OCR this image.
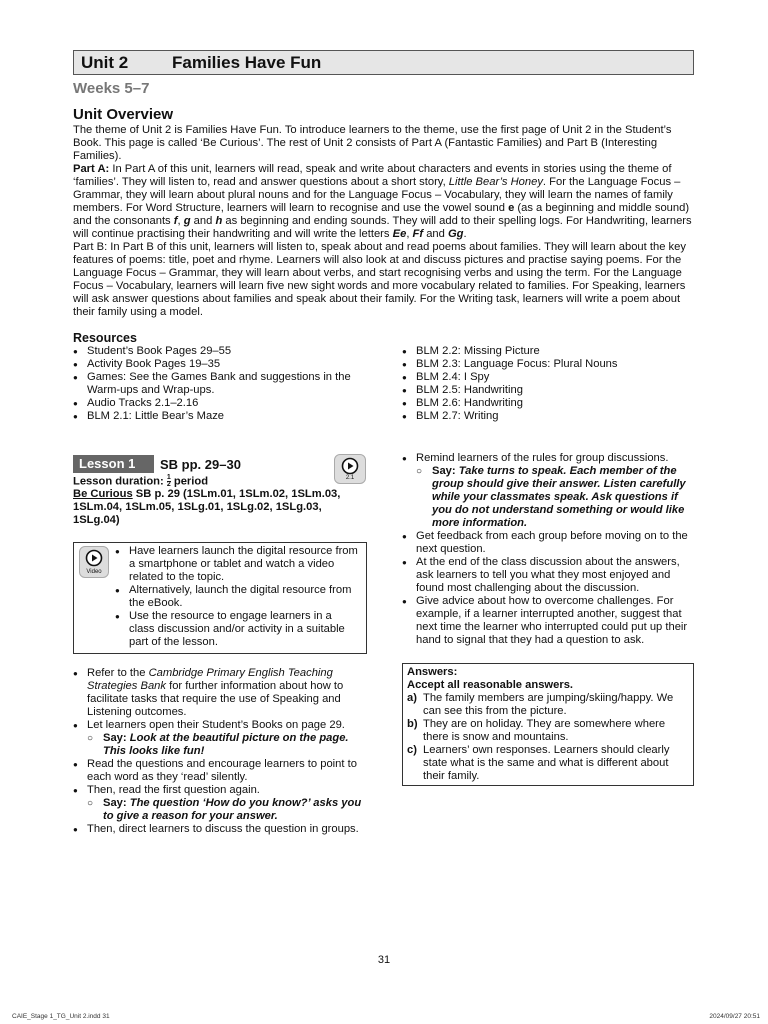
Unit 2	Families Have Fun
Weeks 5–7
Unit Overview

The theme of Unit 2 is Families Have Fun. To introduce learners to the theme, use the first page of Unit 2 in the Student’s Book. This page is called ‘Be Curious’. The rest of Unit 2 consists of Part A (Fantastic Families) and Part B (Interesting Families).

Part A: In Part A of this unit, learners will read, speak and write about characters and events in stories using the theme of ‘families’. They will listen to, read and answer questions about a short story, Little Bear’s Honey. For the Language Focus – Grammar, they will learn about plural nouns and for the Language Focus – Vocabulary, they will learn the names of family members. For Word Structure, learners will learn to recognise and use the vowel sound e (as a beginning and middle sound) and the consonants f, g and h as beginning and ending sounds. They will add to their spelling logs. For Handwriting, learners will continue practising their handwriting and will write the letters Ee, Ff and Gg.

Part B: In Part B of this unit, learners will listen to, speak about and read poems about families. They will learn about the key features of poems: title, poet and rhyme. Learners will also look at and discuss pictures and practise saying poems. For the Language Focus – Grammar, they will learn about verbs, and start recognising verbs and using the term. For the Language Focus – Vocabulary, learners will learn five new sight words and more vocabulary related to families. For Speaking, learners will ask answer questions about families and speak about their family. For the Writing task, learners will write a poem about their family using a model.

Resources
● Student’s Book Pages 29–55
● Activity Book Pages 19–35
● Games: See the Games Bank and suggestions in the Warm-ups and Wrap-ups.
● Audio Tracks 2.1–2.16
● BLM 2.1: Little Bear’s Maze
● BLM 2.2: Missing Picture
● BLM 2.3: Language Focus: Plural Nouns
● BLM 2.4: I Spy
● BLM 2.5: Handwriting
● BLM 2.6: Handwriting
● BLM 2.7: Writing
Lesson 1	SB pp. 29–30
2.1
Lesson duration: $\frac{1}{2}$ period
Be Curious SB p. 29 (1SLm.01, 1SLm.02, 1SLm.03, 1SLm.04, 1SLm.05, 1SLg.01, 1SLg.02, 1SLg.03, 1SLg.04)
Video
● Have learners launch the digital resource from a smartphone or tablet and watch a video related to the topic.
● Alternatively, launch the digital resource from the eBook.
● Use the resource to engage learners in a class discussion and/or activity in a suitable part of the lesson.
● Refer to the Cambridge Primary English Teaching Strategies Bank for further information about how to facilitate tasks that require the use of Speaking and Listening outcomes.
● Let learners open their Student’s Books on page 29.
○ Say: Look at the beautiful picture on the page. This looks like fun!
● Read the questions and encourage learners to point to each word as they ‘read’ silently.
● Then, read the first question again.
○ Say: The question ‘How do you know?’ asks you to give a reason for your answer.
● Then, direct learners to discuss the question in groups.
● Remind learners of the rules for group discussions.
○ Say: Take turns to speak. Each member of the group should give their answer. Listen carefully while your classmates speak. Ask questions if you do not understand something or would like more information.
● Get feedback from each group before moving on to the next question.
● At the end of the class discussion about the answers, ask learners to tell you what they most enjoyed and found most challenging about the discussion.
● Give advice about how to overcome challenges. For example, if a learner interrupted another, suggest that next time the learner who interrupted could put up their hand to signal that they had a question to ask.
Answers:
Accept all reasonable answers.
a) The family members are jumping/skiing/happy. We can see this from the picture.
b) They are on holiday. They are somewhere where there is snow and mountains.
c) Learners’ own responses. Learners should clearly state what is the same and what is different about their family.
31
CAIE_Stage 1_TG_Unit 2.indd 31	2024/09/27 20:51
